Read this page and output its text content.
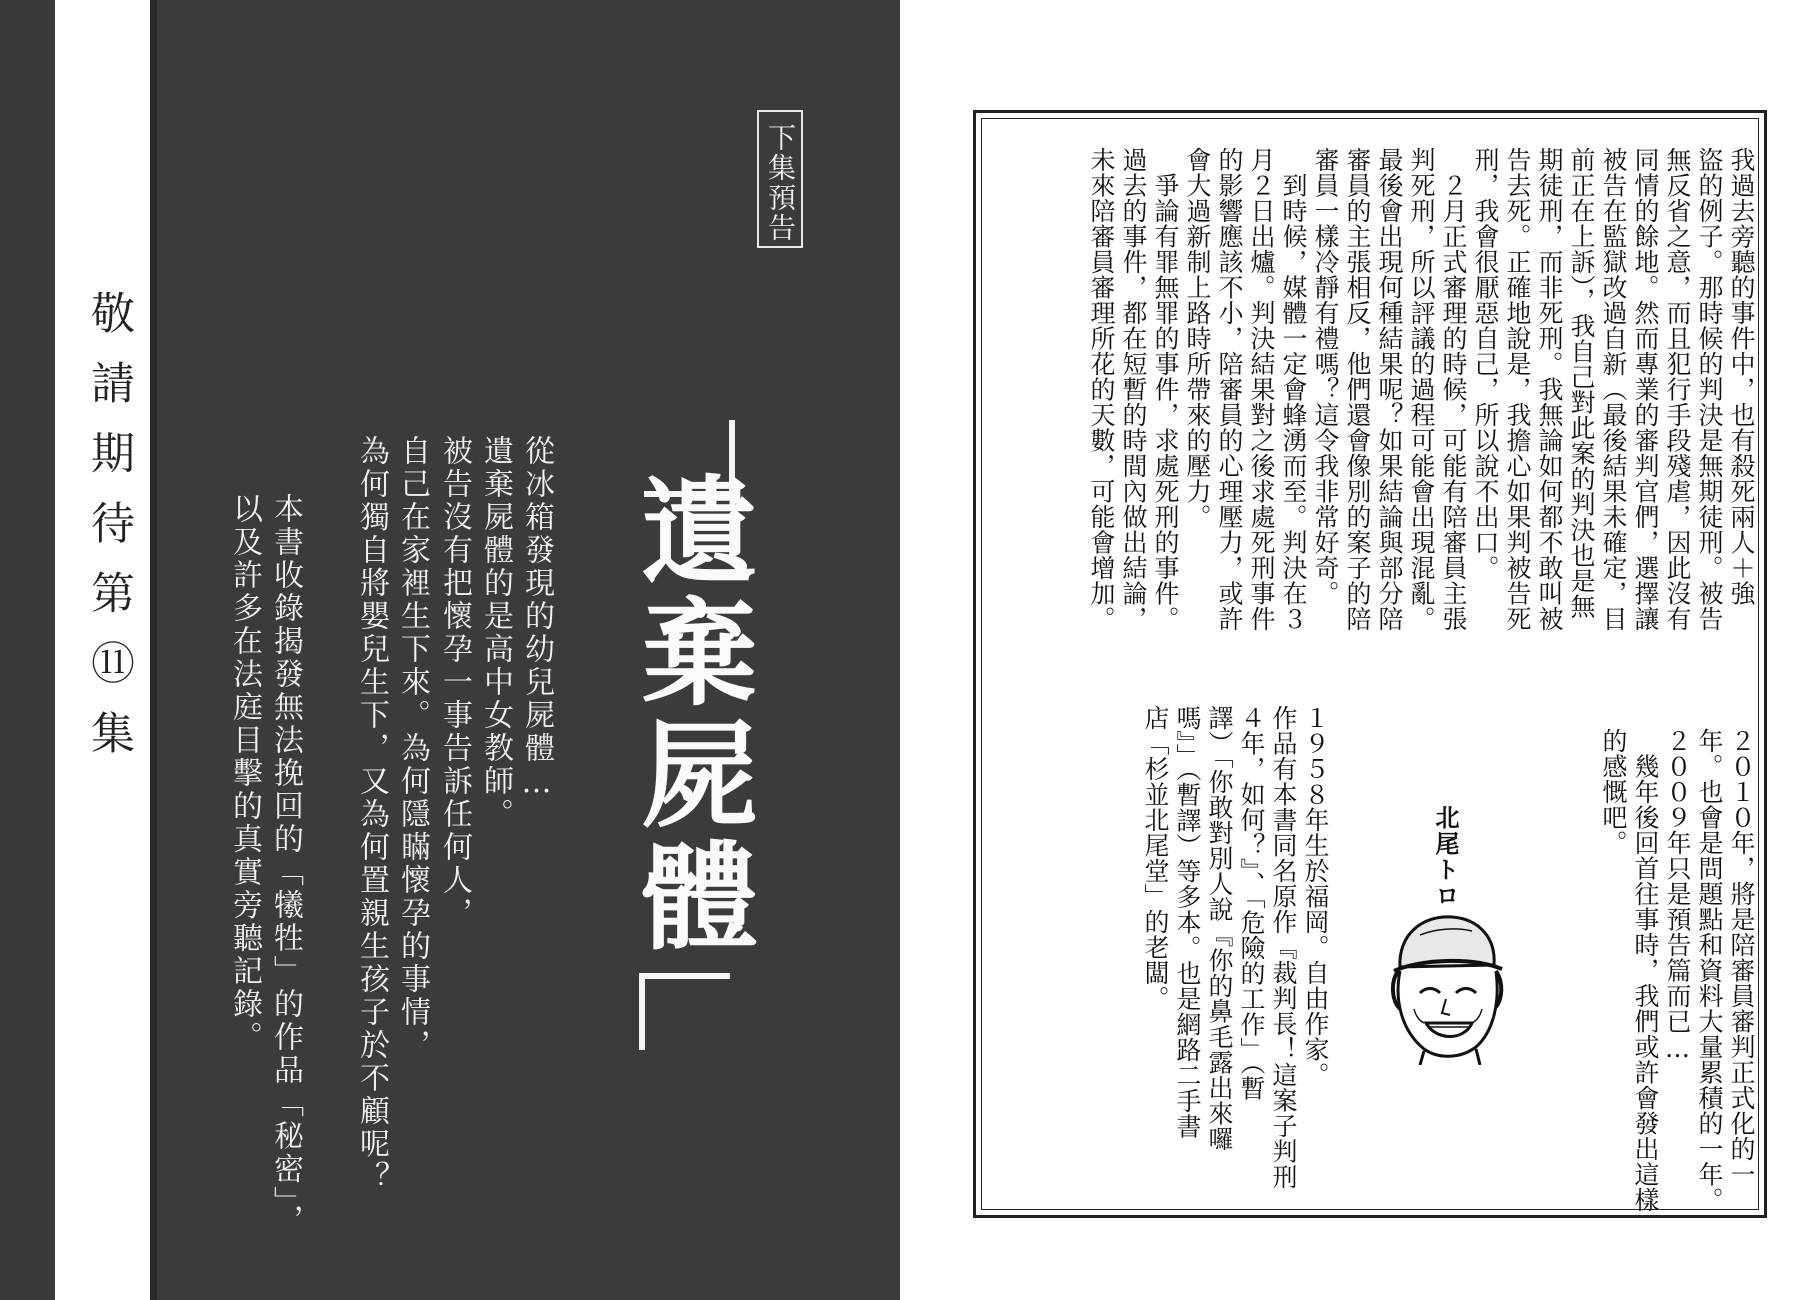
敬請期待第⑪集
下集預告
遺棄屍體
從冰箱發現的幼兒屍體…
遺棄屍體的是高中女教師。
被告沒有把懷孕一事告訴任何人，
自己在家裡生下來。為何隱瞞懷孕的事情，
為何獨自將嬰兒生下，又為何置親生孩子於不顧呢？
本書收錄揭發無法挽回的「犧牲」的作品「秘密」，
以及許多在法庭目擊的真實旁聽記錄。
我過去旁聽的事件中，也有殺死兩人＋強
盜的例子。那時候的判決是無期徒刑。被告
無反省之意，而且犯行手段殘虐，因此沒有
同情的餘地。然而專業的審判官們，選擇讓
被告在監獄改過自新（最後結果未確定，目
前正在上訴），我自己對此案的判決也是無
期徒刑，而非死刑。我無論如何都不敢叫被
告去死。正確地說是，我擔心如果判被告死
刑，我會很厭惡自己，所以說不出口。
　２月正式審理的時候，可能有陪審員主張
判死刑，所以評議的過程可能會出現混亂。
最後會出現何種結果呢？如果結論與部分陪
審員的主張相反，他們還會像別的案子的陪
審員一樣冷靜有禮嗎？這令我非常好奇。
　到時候，媒體一定會蜂湧而至。判決在３
月２日出爐。判決結果對之後求處死刑事件
的影響應該不小，陪審員的心理壓力，或許
會大過新制上路時所帶來的壓力。
　爭論有罪無罪的事件，求處死刑的事件。
過去的事件，都在短暫的時間內做出結論，
未來陪審員審理所花的天數，可能會增加。
２０１０年，將是陪審員審判正式化的一
年。也會是問題點和資料大量累積的一年。
２００９年只是預告篇而已…
　幾年後回首往事時，我們或許會發出這樣
的感慨吧。
北尾トロ
１９５８年生於福岡。自由作家。
作品有本書同名原作『裁判長！這案子判刑
４年，如何？』、「危險的工作」（暫
譯）「你敢對別人說『你的鼻毛露出來囉
嗎』」（暫譯）等多本。也是網路二手書
店「杉並北尾堂」的老闆。
